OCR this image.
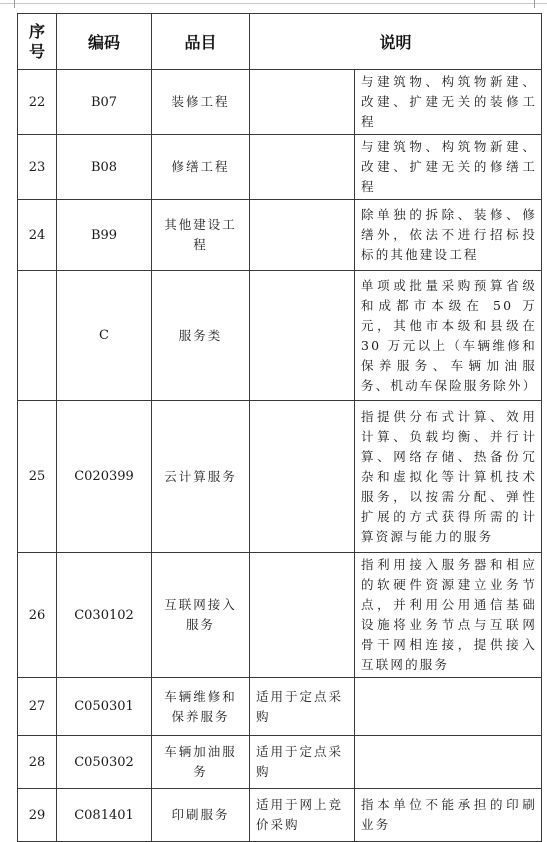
序
号	编码	品目	说明	
22	B07	装修工程		与建筑物、构筑物新建、改建、扩建无关的装修工程
23	B08	修缮工程		与建筑物、构筑物新建、改建、扩建无关的修缮工程
24	B99	其他建设工程		除单独的拆除、装修、修缮外，依法不进行招标投标的其他建设工程
	C	服务类		单项或批量采购预算省级和成都市本级在 50 万元，其他市本级和县级在 30 万元以上（车辆维修和保养服务、车辆加油服务、机动车保险服务除外）
25	C020399	云计算服务		指提供分布式计算、效用计算、负载均衡、并行计算、网络存储、热备份冗杂和虚拟化等计算机技术服务，以按需分配、弹性扩展的方式获得所需的计算资源与能力的服务
26	C030102	互联网接入服务		指利用接入服务器和相应的软硬件资源建立业务节点，并利用公用通信基础设施将业务节点与互联网骨干网相连接，提供接入互联网的服务
27	C050301	车辆维修和保养服务	适用于定点采购	
28	C050302	车辆加油服务	适用于定点采购	
29	C081401	印刷服务	适用于网上竞价采购	指本单位不能承担的印刷业务
